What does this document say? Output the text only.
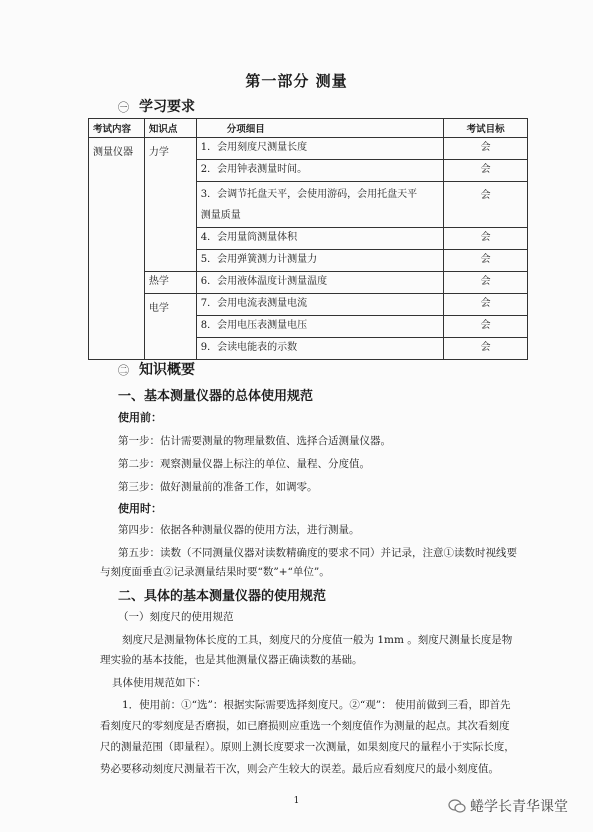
第一部分 测量
㊀ 学习要求
考试内容	知识点	分项细目	考试目标
测量仪器	力学	1．会用刻度尺测量长度	会
		2．会用钟表测量时间。	会

		3．会调节托盘天平，会使用游码，会用托盘天平
测量质量	会
		4．会用量筒测量体积	会
		5．会用弹簧测力计测量力	会
	热学	6．会用液体温度计测量温度	会
	电学	7．会用电流表测量电流	会
		8．会用电压表测量电压	会
		9．会读电能表的示数	会
㊁ 知识概要
一、基本测量仪器的总体使用规范
使用前：
第一步：估计需要测量的物理量数值、选择合适测量仪器。
第二步：观察测量仪器上标注的单位、量程、分度值。
第三步：做好测量前的准备工作，如调零。
使用时：
第四步：依据各种测量仪器的使用方法，进行测量。
第五步：读数（不同测量仪器对读数精确度的要求不同）并记录，注意①读数时视线要
与刻度面垂直②记录测量结果时要“数”+“单位”。
二、具体的基本测量仪器的使用规范
（一）刻度尺的使用规范
刻度尺是测量物体长度的工具，刻度尺的分度值一般为 1mm 。刻度尺测量长度是物
理实验的基本技能，也是其他测量仪器正确读数的基础。
具体使用规范如下：
1．使用前：①“选”：根据实际需要选择刻度尺。②“观”： 使用前做到三看，即首先
看刻度尺的零刻度是否磨损，如已磨损则应重选一个刻度值作为测量的起点。其次看刻度
尺的测量范围（即量程）。原则上测长度要求一次测量，如果刻度尺的量程小于实际长度，
势必要移动刻度尺测量若干次，则会产生较大的误差。最后应看刻度尺的最小刻度值。
1	蜷学长青华课堂
